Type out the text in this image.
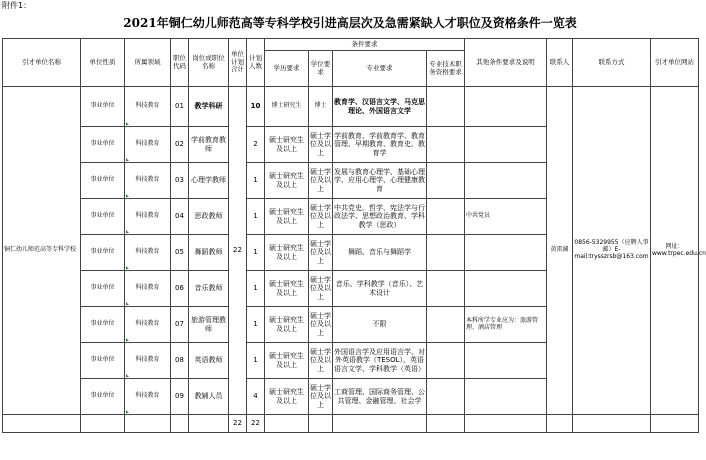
附件1：
2021年铜仁幼儿师范高等专科学校引进高层次及急需紧缺人才职位及资格条件一览表
引才单位名称	单位性质	所属领域	职位代码	岗位或职位名称	单位计划合计	计划人数	条件要求				其他条件要求及说明	联系人	联系方式	引才单位网站
							学历要求	学位要求	专业要求	专业技术职务资格要求				
铜仁幼儿师范高等专科学校	事业单位	科技教育	01	教学科研	22	10	博士研究生	博士	教育学、汉语言文学、马克思理论、外国语言文学			黄雷阔	0856-5329955（应聘人事邮）E-mail:trysszrsb@163.com	网址：www.trpec.edu.cn
	事业单位	科技教育	02	学前教育教师		2	硕士研究生及以上	硕士学位及以上	学前教育、学前教育学、教育管理、早期教育、教育史、教育学					
	事业单位	科技教育	03	心理学教师		1	硕士研究生及以上	硕士学位及以上	发展与教育心理学、基础心理学、应用心理学、心理健康教育					
	事业单位	科技教育	04	思政教师		1	硕士研究生及以上	硕士学位及以上	中共党史、哲学、宪法学与行政法学、思想政治教育、学科教学（思政）		中共党员			
	事业单位	科技教育	05	舞蹈教师		1	硕士研究生及以上	硕士学位及以上	舞蹈、音乐与舞蹈学					
	事业单位	科技教育	06	音乐教师		1	硕士研究生及以上	硕士学位及以上	音乐、学科教学（音乐）、艺术设计					
	事业单位	科技教育	07	旅游管理教师		1	硕士研究生及以上	硕士学位及以上	不限		本科所学专业应为：旅游管理、酒店管理			
	事业单位	科技教育	08	英语教师		1	硕士研究生及以上	硕士学位及以上	外国语言学及应用语言学、对外英语教学（TESOL）、英语语言文学、学科教学（英语）					
	事业单位	科技教育	09	教辅人员		4	硕士研究生及以上	硕士学位及以上	工商管理、国际商务管理、公共管理、金融管理、社会学					
					22	22								
